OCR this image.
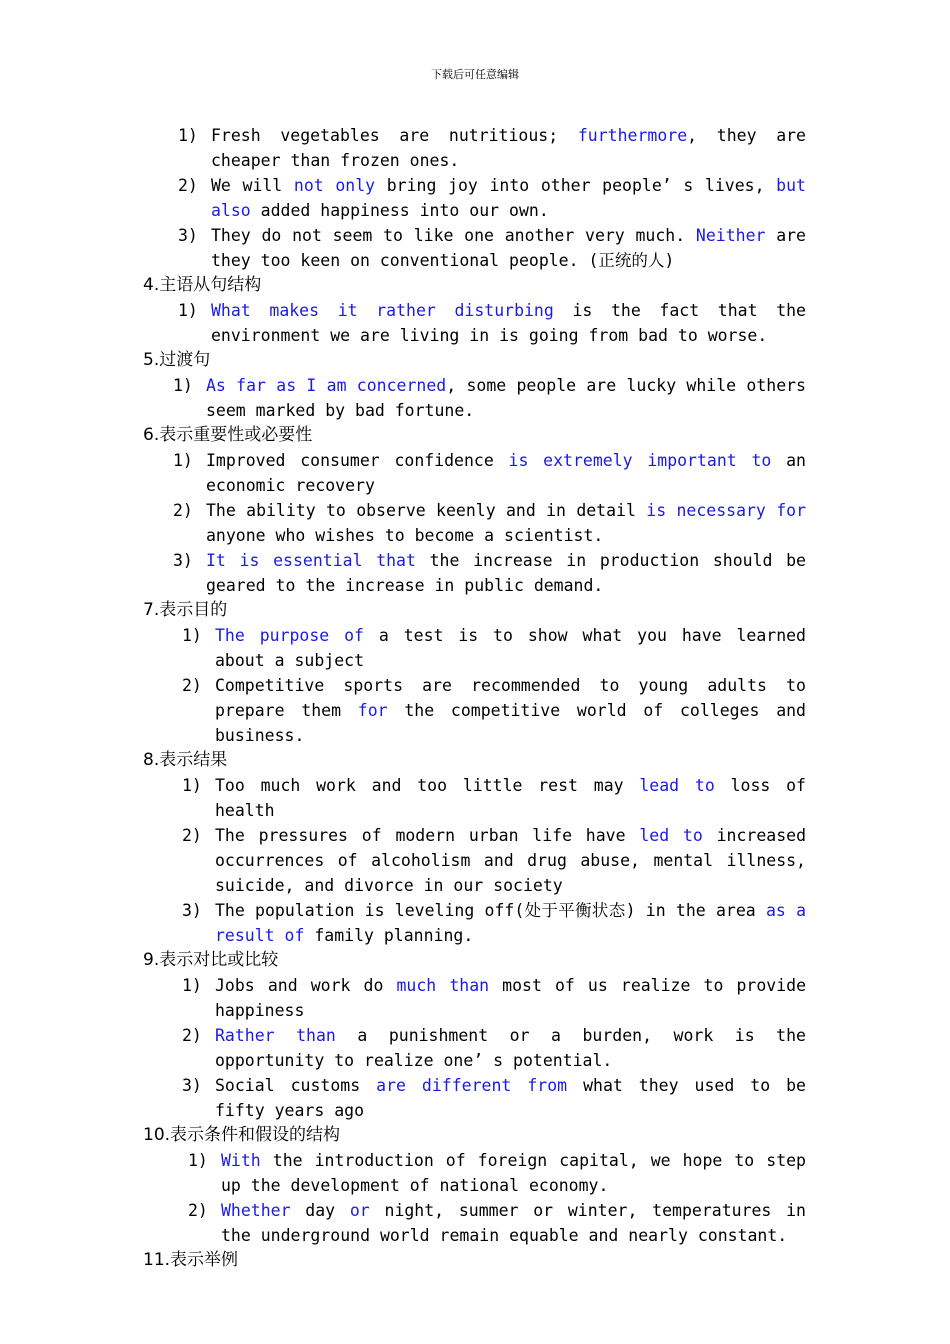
下载后可任意编辑
1) Fresh vegetables are nutritious; furthermore, they are cheaper than frozen ones.
2) We will not only bring joy into other people’ s lives, but also added happiness into our own.
3) They do not seem to like one another very much. Neither are they too keen on conventional people. (正统的人)
4.主语从句结构
1) What makes it rather disturbing is the fact that the environment we are living in is going from bad to worse.
5.过渡句
1) As far as I am concerned, some people are lucky while others seem marked by bad fortune.
6.表示重要性或必要性
1) Improved consumer confidence is extremely important to an economic recovery
2) The ability to observe keenly and in detail is necessary for anyone who wishes to become a scientist.
3) It is essential that the increase in production should be geared to the increase in public demand.
7.表示目的
1) The purpose of a test is to show what you have learned about a subject
2) Competitive sports are recommended to young adults to prepare them for the competitive world of colleges and business.
8.表示结果
1) Too much work and too little rest may lead to loss of health
2) The pressures of modern urban life have led to increased occurrences of alcoholism and drug abuse, mental illness, suicide, and divorce in our society
3) The population is leveling off(处于平衡状态) in the area as a result of family planning.
9.表示对比或比较
1) Jobs and work do much than most of us realize to provide happiness
2) Rather than a punishment or a burden, work is the opportunity to realize one’ s potential.
3) Social customs are different from what they used to be fifty years ago
10.表示条件和假设的结构
1) With the introduction of foreign capital, we hope to step up the development of national economy.
2) Whether day or night, summer or winter, temperatures in the underground world remain equable and nearly constant.
11.表示举例
